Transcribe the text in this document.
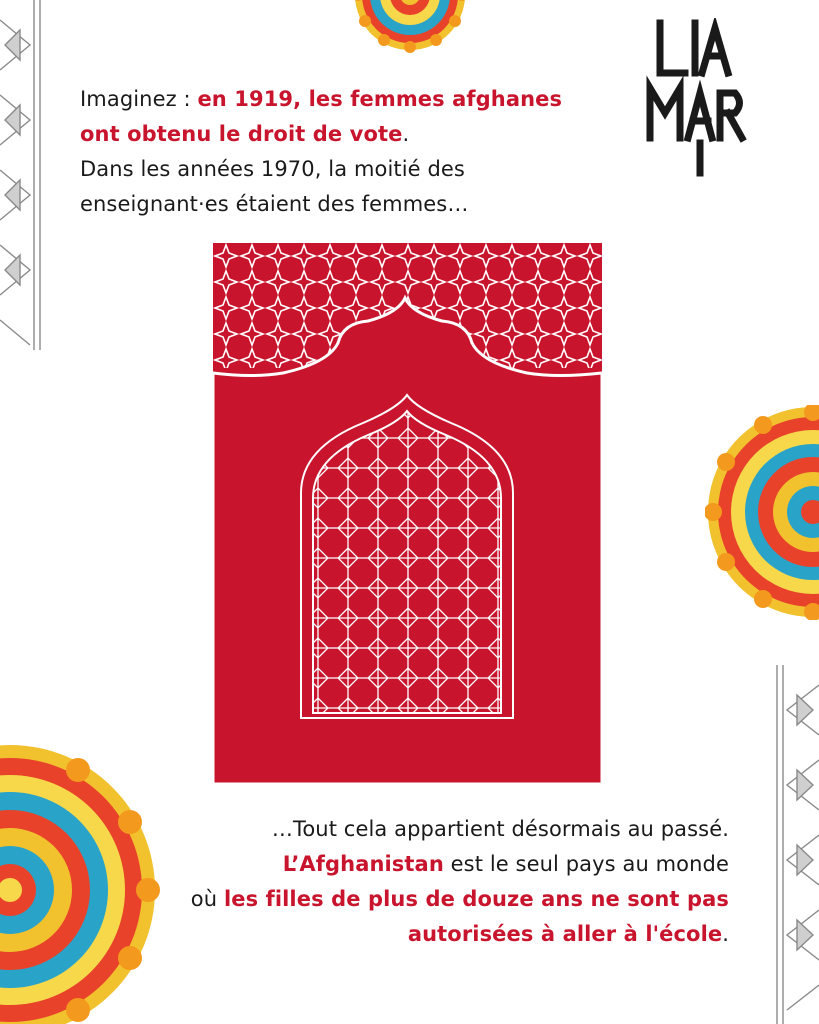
Imaginez : en 1919, les femmes afghanes ont obtenu le droit de vote.

Dans les années 1970, la moitié des
enseignant·es étaient des femmes…
…Tout cela appartient désormais au passé.
L’Afghanistan est le seul pays au monde
où les filles de plus de douze ans ne sont pas autorisées à aller à l'école.
